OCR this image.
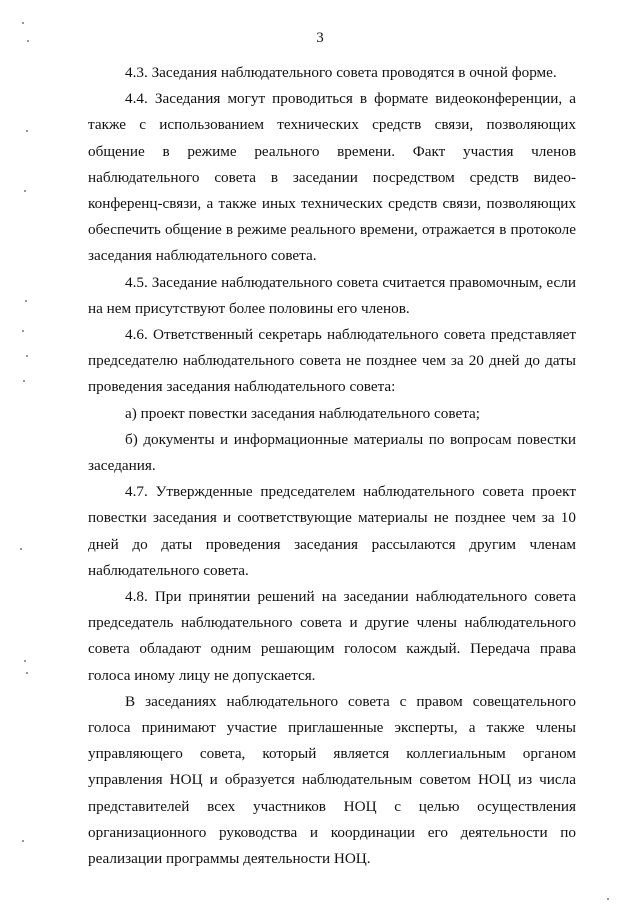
3

4.3. Заседания наблюдательного совета проводятся в очной форме.

4.4. Заседания могут проводиться в формате видеоконференции, а также с использованием технических средств связи, позволяющих общение в режиме реального времени. Факт участия членов наблюдательного совета в заседании посредством средств видео-конференц-связи, а также иных технических средств связи, позволяющих обеспечить общение в режиме реального времени, отражается в протоколе заседания наблюдательного совета.

4.5. Заседание наблюдательного совета считается правомочным, если на нем присутствуют более половины его членов.

4.6. Ответственный секретарь наблюдательного совета представляет председателю наблюдательного совета не позднее чем за 20 дней до даты проведения заседания наблюдательного совета:

а) проект повестки заседания наблюдательного совета;

б) документы и информационные материалы по вопросам повестки заседания.

4.7. Утвержденные председателем наблюдательного совета проект повестки заседания и соответствующие материалы не позднее чем за 10 дней до даты проведения заседания рассылаются другим членам наблюдательного совета.

4.8. При принятии решений на заседании наблюдательного совета председатель наблюдательного совета и другие члены наблюдательного совета обладают одним решающим голосом каждый. Передача права голоса иному лицу не допускается.

В заседаниях наблюдательного совета с правом совещательного голоса принимают участие приглашенные эксперты, а также члены управляющего совета, который является коллегиальным органом управления НОЦ и образуется наблюдательным советом НОЦ из числа представителей всех участников НОЦ с целью осуществления организационного руководства и координации его деятельности по реализации программы деятельности НОЦ.
